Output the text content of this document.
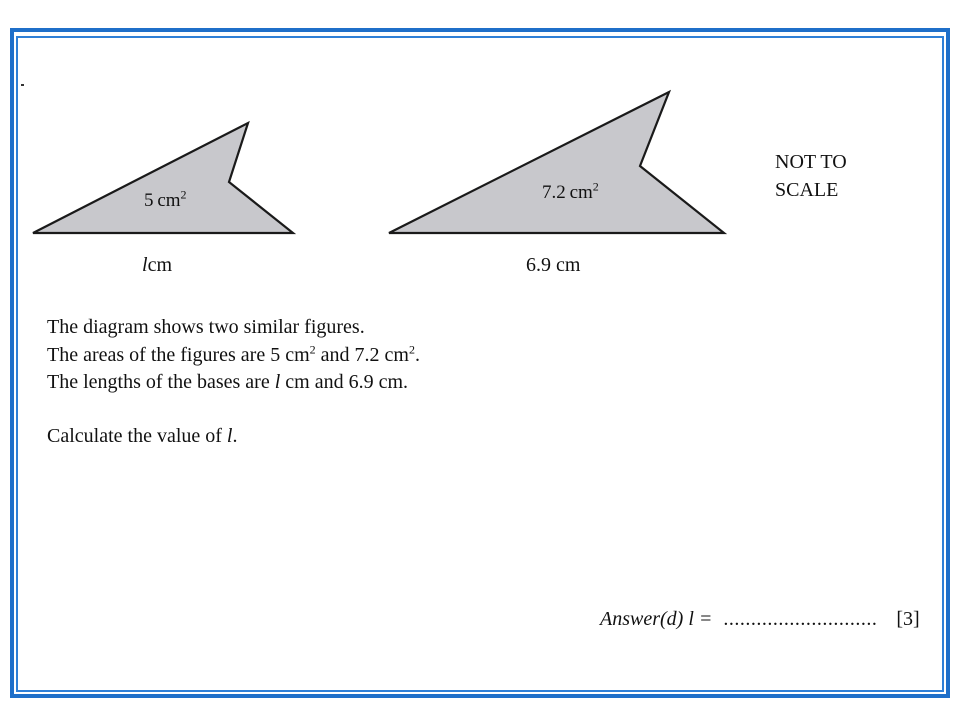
5  $cm^2$	7.2  $cm^2$
lcm	6.9 cm
NOT TO
SCALE
The diagram shows two similar figures.
The areas of the figures are 5 $cm^2$ and 7.2 $cm^2$.
The lengths of the bases are l cm and 6.9 cm.
Calculate the value of l.
Answer(d) l = ............................ [3]
